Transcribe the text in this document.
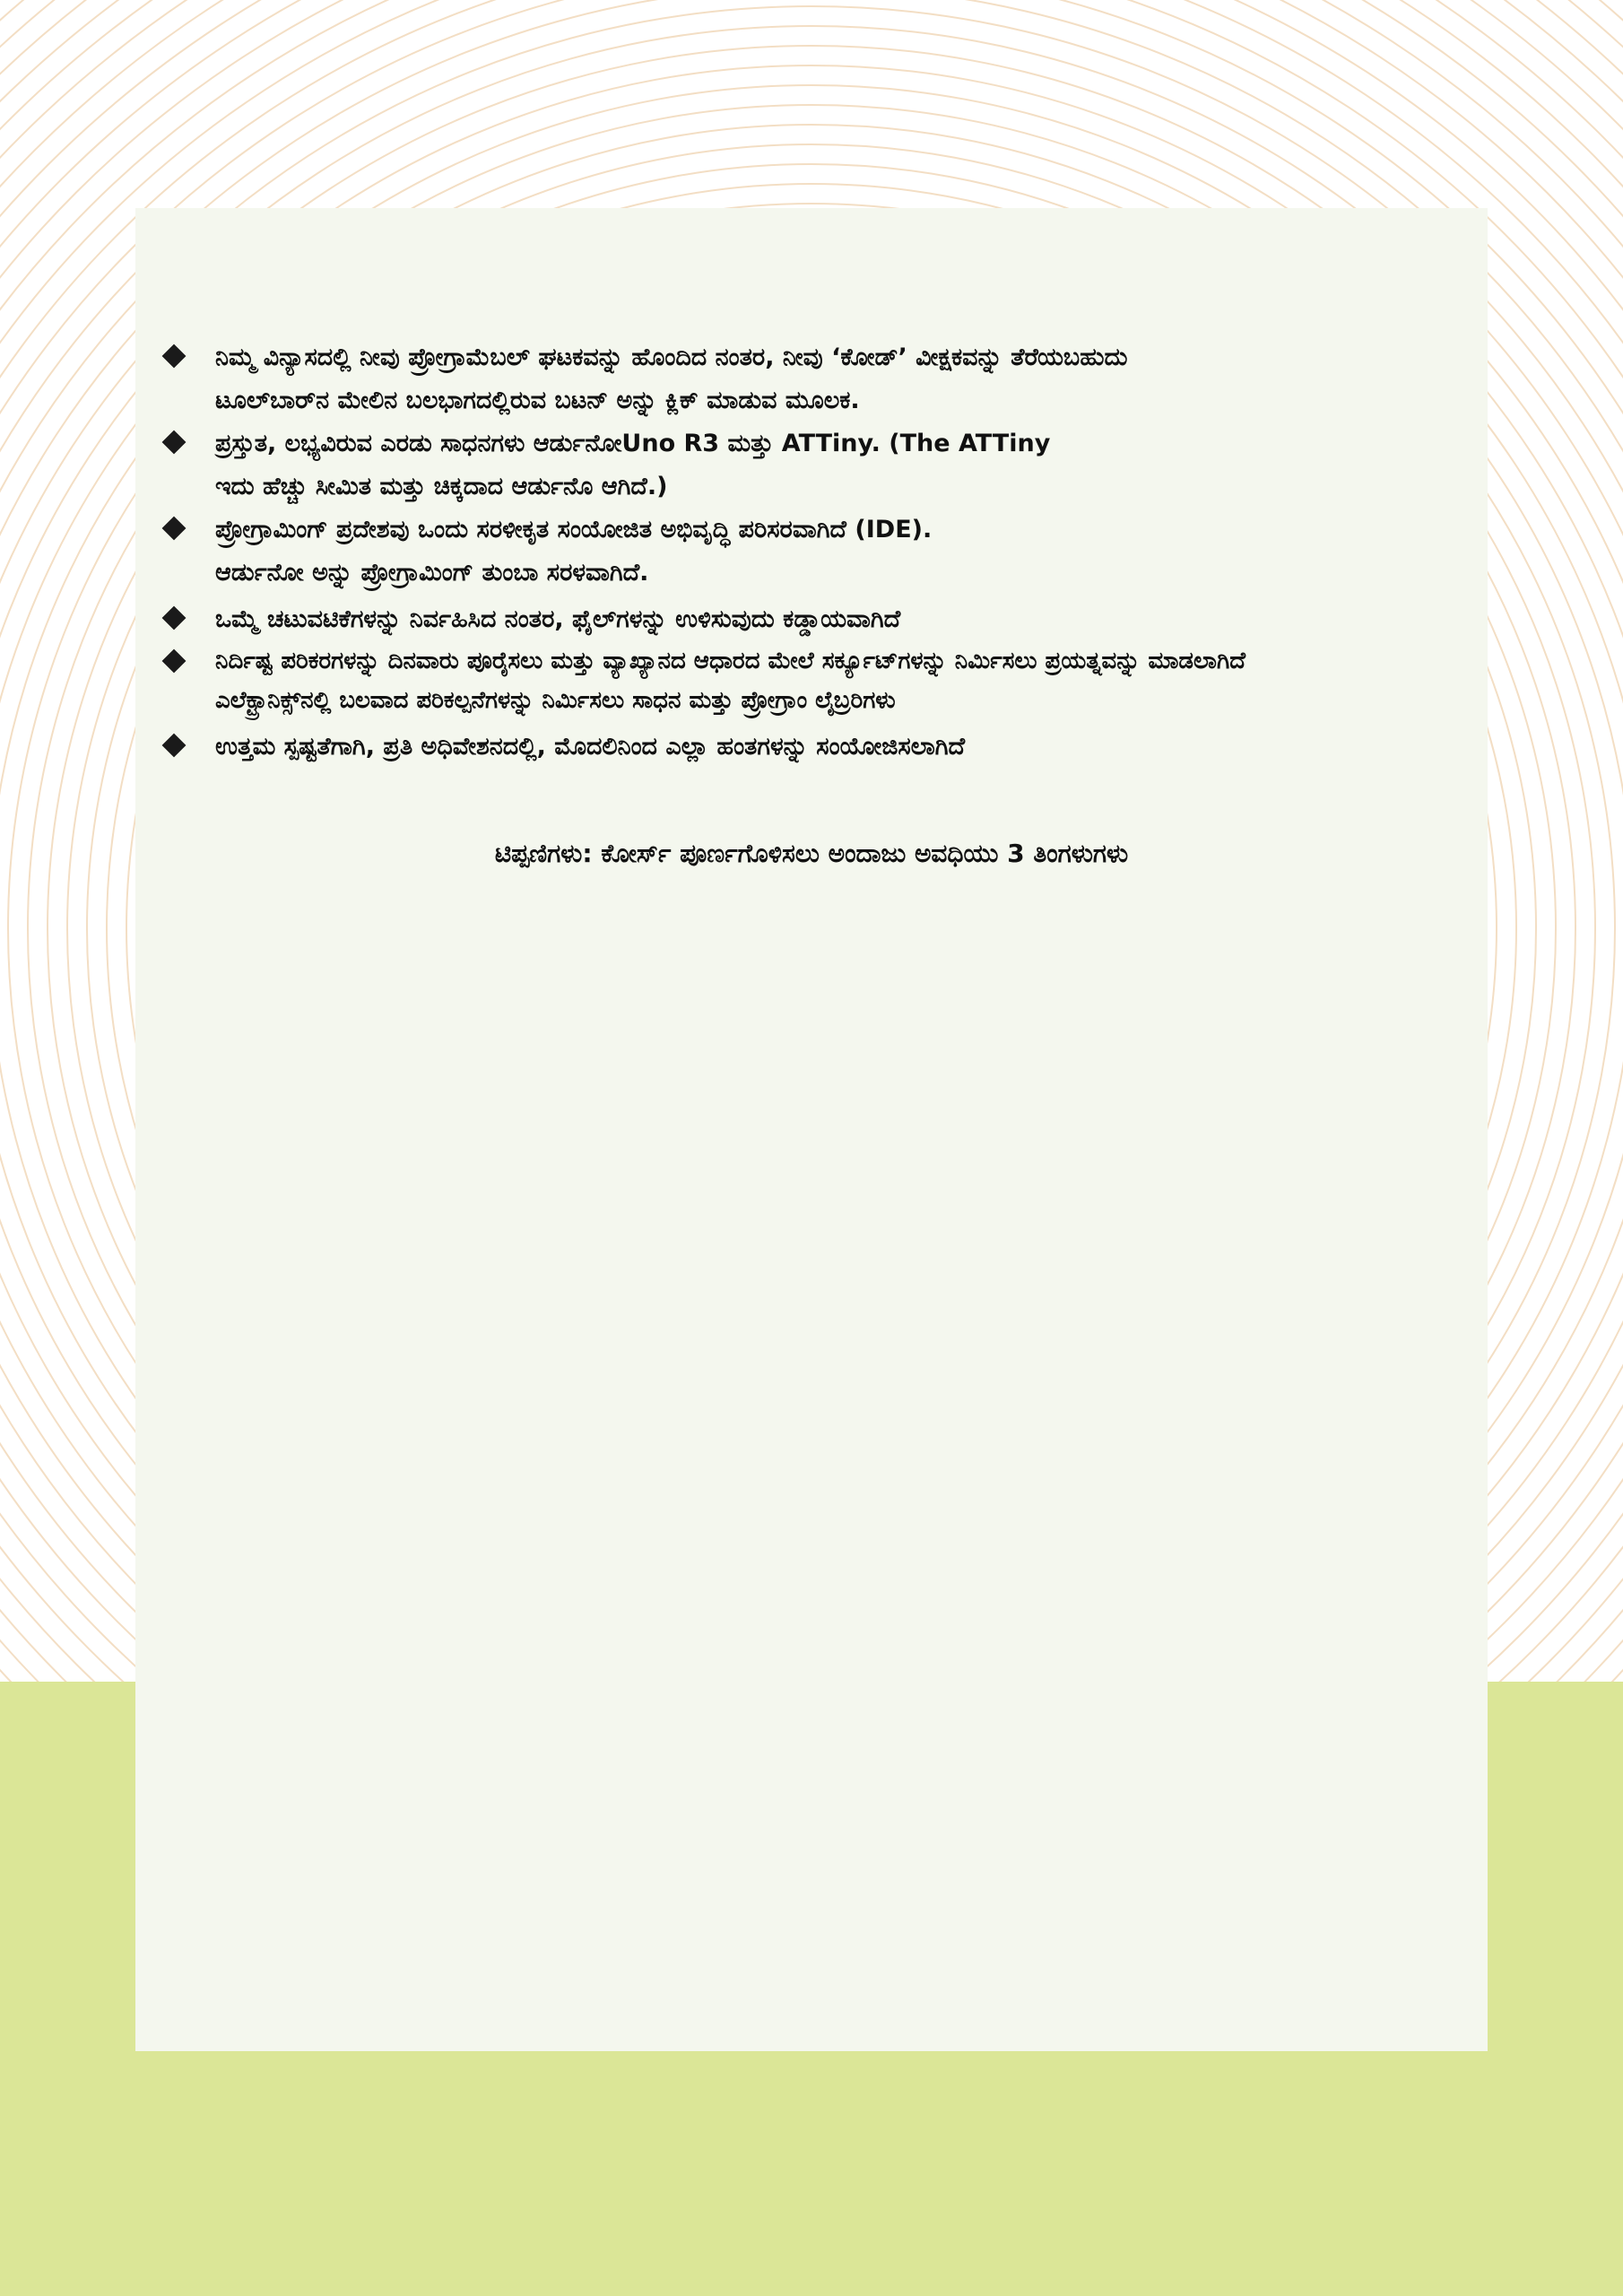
ನಿಮ್ಮ ವಿನ್ಯಾಸದಲ್ಲಿ ನೀವು ಪ್ರೋಗ್ರಾಮೆಬಲ್ ಘಟಕವನ್ನು ಹೊಂದಿದ ನಂತರ, ನೀವು ‘ಕೋಡ್’ ವೀಕ್ಷಕವನ್ನು ತೆರೆಯಬಹುದು
ಟೂಲ್‌ಬಾರ್‌ನ ಮೇಲಿನ ಬಲಭಾಗದಲ್ಲಿರುವ ಬಟನ್ ಅನ್ನು ಕ್ಲಿಕ್ ಮಾಡುವ ಮೂಲಕ.
ಪ್ರಸ್ತುತ, ಲಭ್ಯವಿರುವ ಎರಡು ಸಾಧನಗಳು ಆರ್ಡುನೋUno R3 ಮತ್ತು ATTiny. (The ATTiny
ಇದು ಹೆಚ್ಚು ಸೀಮಿತ ಮತ್ತು ಚಿಕ್ಕದಾದ ಆರ್ಡುನೊ ಆಗಿದೆ.)
ಪ್ರೋಗ್ರಾಮಿಂಗ್ ಪ್ರದೇಶವು ಒಂದು ಸರಳೀಕೃತ ಸಂಯೋಜಿತ ಅಭಿವೃದ್ಧಿ ಪರಿಸರವಾಗಿದೆ (IDE).
ಆರ್ಡುನೋ ಅನ್ನು ಪ್ರೋಗ್ರಾಮಿಂಗ್ ತುಂಬಾ ಸರಳವಾಗಿದೆ.
ಒಮ್ಮೆ ಚಟುವಟಿಕೆಗಳನ್ನು ನಿರ್ವಹಿಸಿದ ನಂತರ, ಫೈಲ್‌ಗಳನ್ನು ಉಳಿಸುವುದು ಕಡ್ಡಾಯವಾಗಿದೆ
ನಿರ್ದಿಷ್ಟ ಪರಿಕರಗಳನ್ನು ದಿನವಾರು ಪೂರೈಸಲು ಮತ್ತು ವ್ಯಾಖ್ಯಾನದ ಆಧಾರದ ಮೇಲೆ ಸರ್ಕ್ಯೂಟ್‌ಗಳನ್ನು ನಿರ್ಮಿಸಲು ಪ್ರಯತ್ನವನ್ನು ಮಾಡಲಾಗಿದೆ
ಎಲೆಕ್ಟ್ರಾನಿಕ್ಸ್‌ನಲ್ಲಿ ಬಲವಾದ ಪರಿಕಲ್ಪನೆಗಳನ್ನು ನಿರ್ಮಿಸಲು ಸಾಧನ ಮತ್ತು ಪ್ರೋಗ್ರಾಂ ಲೈಬ್ರರಿಗಳು
ಉತ್ತಮ ಸ್ಪಷ್ಟತೆಗಾಗಿ, ಪ್ರತಿ ಅಧಿವೇಶನದಲ್ಲಿ, ಮೊದಲಿನಿಂದ ಎಲ್ಲಾ ಹಂತಗಳನ್ನು ಸಂಯೋಜಿಸಲಾಗಿದೆ
ಟಿಪ್ಪಣಿಗಳು: ಕೋರ್ಸ್ ಪೂರ್ಣಗೊಳಿಸಲು ಅಂದಾಜು ಅವಧಿಯು 3 ತಿಂಗಳುಗಳು
